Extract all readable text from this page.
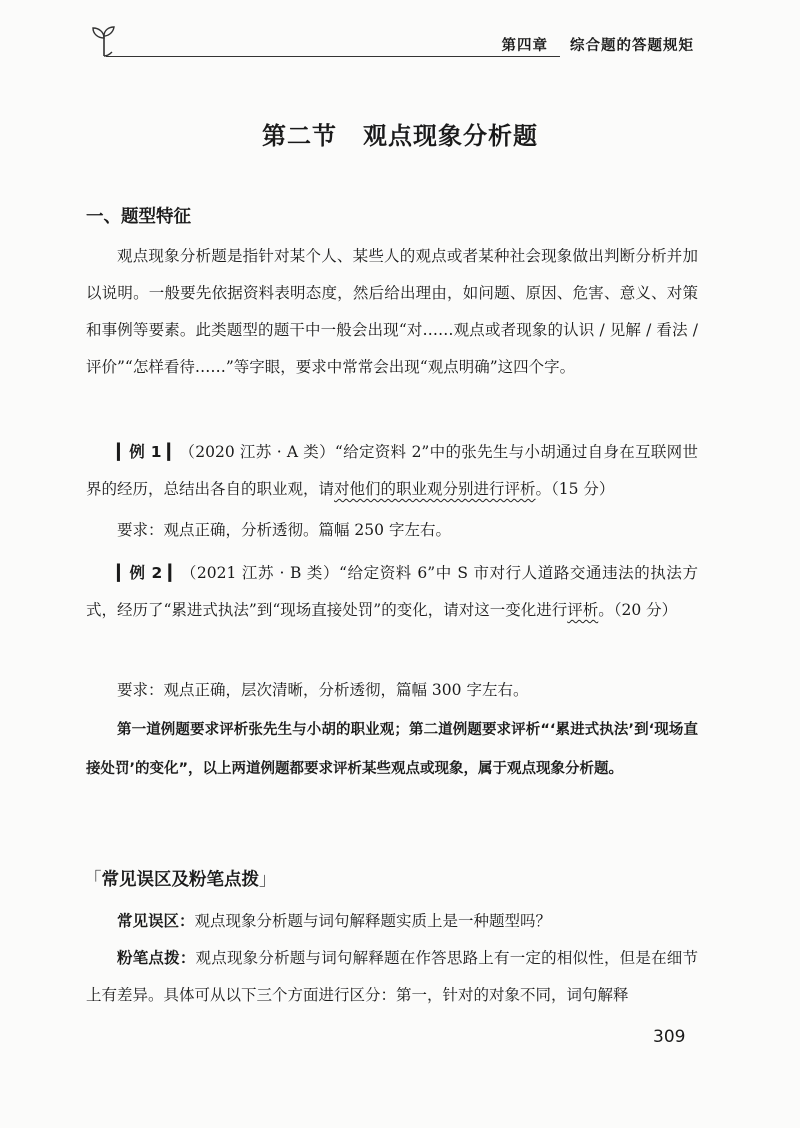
第四章 综合题的答题规矩
第二节 观点现象分析题
一、题型特征
观点现象分析题是指针对某个人、某些人的观点或者某种社会现象做出判断分析并加以说明。一般要先依据资料表明态度，然后给出理由，如问题、原因、危害、意义、对策和事例等要素。此类题型的题干中一般会出现“对……观点或者现象的认识 / 见解 / 看法 / 评价”“怎样看待……”等字眼，要求中常常会出现“观点明确”这四个字。
▎例 1 ▎（2020 江苏 · A 类）“给定资料 2”中的张先生与小胡通过自身在互联网世界的经历，总结出各自的职业观，请对他们的职业观分别进行评析。（15 分）
要求：观点正确，分析透彻。篇幅 250 字左右。
▎例 2 ▎（2021 江苏 · B 类）“给定资料 6”中 S 市对行人道路交通违法的执法方式，经历了“累进式执法”到“现场直接处罚”的变化，请对这一变化进行评析。（20 分）
要求：观点正确，层次清晰，分析透彻，篇幅 300 字左右。
第一道例题要求评析张先生与小胡的职业观；第二道例题要求评析“‘累进式执法’到‘现场直接处罚’的变化”，以上两道例题都要求评析某些观点或现象，属于观点现象分析题。
「常见误区及粉笔点拨」
常见误区：观点现象分析题与词句解释题实质上是一种题型吗？
粉笔点拨：观点现象分析题与词句解释题在作答思路上有一定的相似性，但是在细节上有差异。具体可从以下三个方面进行区分：第一，针对的对象不同，词句解释
309
